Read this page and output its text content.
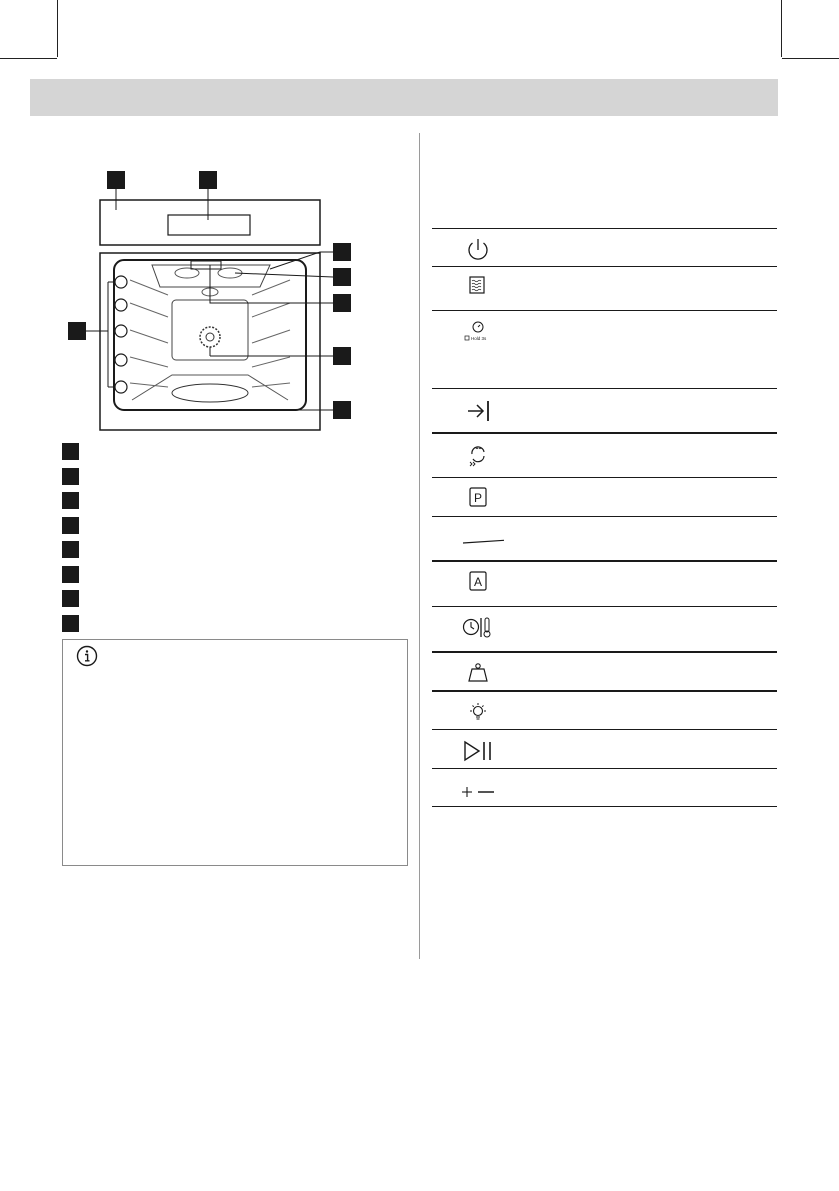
Hold 3s
P
A
